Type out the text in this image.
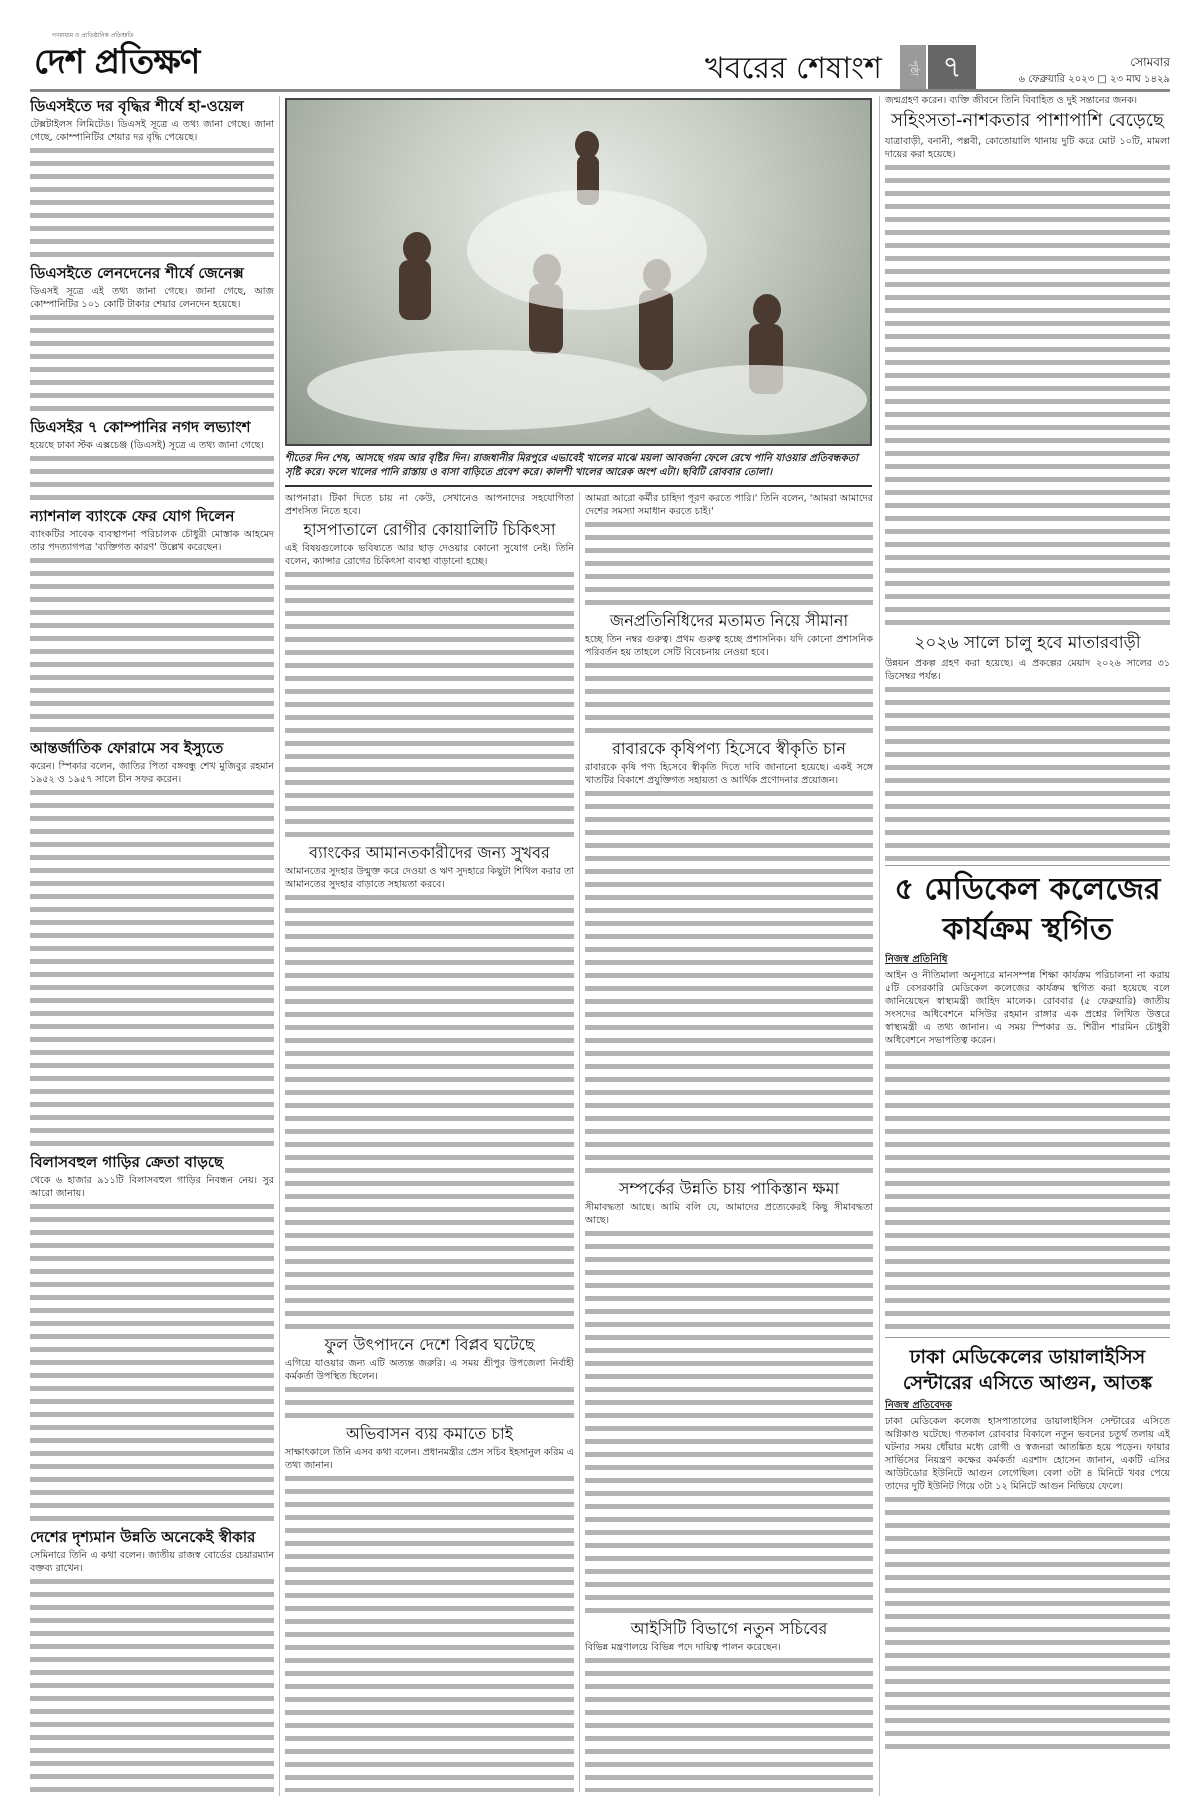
গণমাধ্যম ও প্রাতিষ্ঠানিক প্রতিশ্রুতি
দেশ প্রতিক্ষণ	খবরের শেষাংশ	পৃষ্ঠা ৭	সোমবার
৬ ফেব্রুয়ারি ২০২৩ □ ২৩ মাঘ ১৪২৯
শীতের দিন শেষ, আসছে গরম আর বৃষ্টির দিন। রাজধানীর মিরপুরে এভাবেই খালের মাঝে ময়লা আবর্জনা ফেলে রেখে পানি যাওয়ার প্রতিবন্ধকতা সৃষ্টি করে। ফলে খালের পানি রাস্তায় ও বাসা বাড়িতে প্রবেশ করে। কালশী খালের আরেক অংশ এটা। ছবিটি রোববার তোলা।
ডিএসইতে দর বৃদ্ধির শীর্ষে হা-ওয়েল
টেক্সটাইলস লিমিটেড। ডিএসই সূত্রে এ তথ্য জানা গেছে। জানা গেছে, কোম্পানিটির শেয়ার দর বৃদ্ধি পেয়েছে।
ডিএসইতে লেনদেনের শীর্ষে জেনেক্স
ডিএসই সূত্রে এই তথ্য জানা গেছে। জানা গেছে, আজ কোম্পানিটির ১০১ কোটি টাকার শেয়ার লেনদেন হয়েছে।
ডিএসইর ৭ কোম্পানির নগদ লভ্যাংশ
হয়েছে ঢাকা স্টক এক্সচেঞ্জ (ডিএসই) সূত্রে এ তথ্য জানা গেছে।
ন্যাশনাল ব্যাংকে ফের যোগ দিলেন
ব্যাংকটির সাবেক ব্যবস্থাপনা পরিচালক চৌধুরী মোস্তাক আহমেদ তার পদত্যাগপত্র 'ব্যক্তিগত কারণ' উল্লেখ করেছেন।
আন্তর্জাতিক ফোরামে সব ইস্যুতে
করেন। স্পিকার বলেন, জাতির পিতা বঙ্গবন্ধু শেখ মুজিবুর রহমান ১৯৫২ ও ১৯৫৭ সালে চীন সফর করেন।
বিলাসবহুল গাড়ির ক্রেতা বাড়ছে
থেকে ৬ হাজার ৯১১টি বিলাসবহুল গাড়ির নিবন্ধন নেয়। সুর আরো জানায়।
দেশের দৃশ্যমান উন্নতি অনেকেই স্বীকার
সেমিনারে তিনি এ কথা বলেন। জাতীয় রাজস্ব বোর্ডের চেয়ারম্যান বক্তব্য রাখেন।
আপনারা। টিকা দিতে চায় না কেউ, সেখানেও আপনাদের সহযোগিতা প্রশংসিত নিতে হবে।
হাসপাতালে রোগীর কোয়ালিটি চিকিৎসা
এই বিষয়গুলোকে ভবিষ্যতে আর ছাড় দেওয়ার কোনো সুযোগ নেই। তিনি বলেন, ক্যান্সার রোগের চিকিৎসা ব্যবস্থা বাড়ানো হচ্ছে।
ব্যাংকের আমানতকারীদের জন্য সুখবর
আমানতের সুদহার উন্মুক্ত করে দেওয়া ও ঋণ সুদহারে কিছুটা শিথিল করার তা আমানতের সুদহার বাড়াতে সহায়তা করবে।
ফুল উৎপাদনে দেশে বিপ্লব ঘটেছে
এগিয়ে যাওয়ার জন্য এটি অত্যন্ত জরুরি। এ সময় শ্রীপুর উপজেলা নির্বাহী কর্মকর্তা উপস্থিত ছিলেন।
অভিবাসন ব্যয় কমাতে চাই
সাক্ষাৎকালে তিনি এসব কথা বলেন। প্রধানমন্ত্রীর প্রেস সচিব ইহসানুল করিম এ তথ্য জানান।
আমরা আরো কর্মীর চাহিদা পূরণ করতে পারি।' তিনি বলেন, 'আমরা আমাদের দেশের সমস্যা সমাধান করতে চাই।'
জনপ্রতিনিধিদের মতামত নিয়ে সীমানা
হচ্ছে তিন নম্বর গুরুত্ব। প্রথম গুরুত্ব হচ্ছে প্রশাসনিক। যদি কোনো প্রশাসনিক পরিবর্তন হয় তাহলে সেটি বিবেচনায় নেওয়া হবে।
রাবারকে কৃষিপণ্য হিসেবে স্বীকৃতি চান
রাবারকে কৃষি পণ্য হিসেবে স্বীকৃতি দিতে দাবি জানানো হয়েছে। একই সঙ্গে খাতটির বিকাশে প্রযুক্তিগত সহায়তা ও আর্থিক প্রণোদনার প্রয়োজন।
সম্পর্কের উন্নতি চায় পাকিস্তান ক্ষমা
সীমাবদ্ধতা আছে। আমি বলি যে, আমাদের প্রত্যেকেরই কিছু সীমাবদ্ধতা আছে।
আইসিটি বিভাগে নতুন সচিবের
বিভিন্ন মন্ত্রণালয়ে বিভিন্ন পদে দায়িত্ব পালন করেছেন।
জন্মগ্রহণ করেন। ব্যক্তি জীবনে তিনি বিবাহিত ও দুই সন্তানের জনক।
সহিংসতা-নাশকতার পাশাপাশি বেড়েছে
যাত্রাবাড়ী, বনানী, পল্লবী, কোতোয়ালি থানায় দুটি করে মোট ১০টি, মামলা দায়ের করা হয়েছে।
২০২৬ সালে চালু হবে মাতারবাড়ী
উন্নয়ন প্রকল্প গ্রহণ করা হয়েছে। এ প্রকল্পের মেয়াদ ২০২৬ সালের ৩১ ডিসেম্বর পর্যন্ত।
৫ মেডিকেল কলেজের কার্যক্রম স্থগিত
নিজস্ব প্রতিনিধি
আইন ও নীতিমালা অনুসারে মানসম্পন্ন শিক্ষা কার্যক্রম পরিচালনা না করায় ৫টি বেসরকারি মেডিকেল কলেজের কার্যক্রম স্থগিত করা হয়েছে বলে জানিয়েছেন স্বাস্থ্যমন্ত্রী জাহিদ মালেক। রোববার (৫ ফেব্রুয়ারি) জাতীয় সংসদের অধিবেশনে মসিউর রহমান রাঙ্গার এক প্রশ্নের লিখিত উত্তরে স্বাস্থ্যমন্ত্রী এ তথ্য জানান। এ সময় স্পিকার ড. শিরীন শারমিন চৌধুরী অধিবেশনে সভাপতিত্ব করেন।
ঢাকা মেডিকেলের ডায়ালাইসিস সেন্টারের এসিতে আগুন, আতঙ্ক
নিজস্ব প্রতিবেদক
ঢাকা মেডিকেল কলেজ হাসপাতালের ডায়ালাইসিস সেন্টারের এসিতে অগ্নিকাণ্ড ঘটেছে। গতকাল রোববার বিকালে নতুন ভবনের চতুর্থ তলায় এই ঘটনার সময় ধোঁয়ার মধ্যে রোগী ও স্বজনরা আতঙ্কিত হয়ে পড়েন। ফায়ার সার্ভিসের নিয়ন্ত্রণ কক্ষের কর্মকর্তা এরশাদ হোসেন জানান, একটি এসির আউটডোর ইউনিটে আগুন লেগেছিল। বেলা ৩টা ৪ মিনিটে খবর পেয়ে তাদের দুটি ইউনিট গিয়ে ৩টা ১২ মিনিটে আগুন নিভিয়ে ফেলে।
